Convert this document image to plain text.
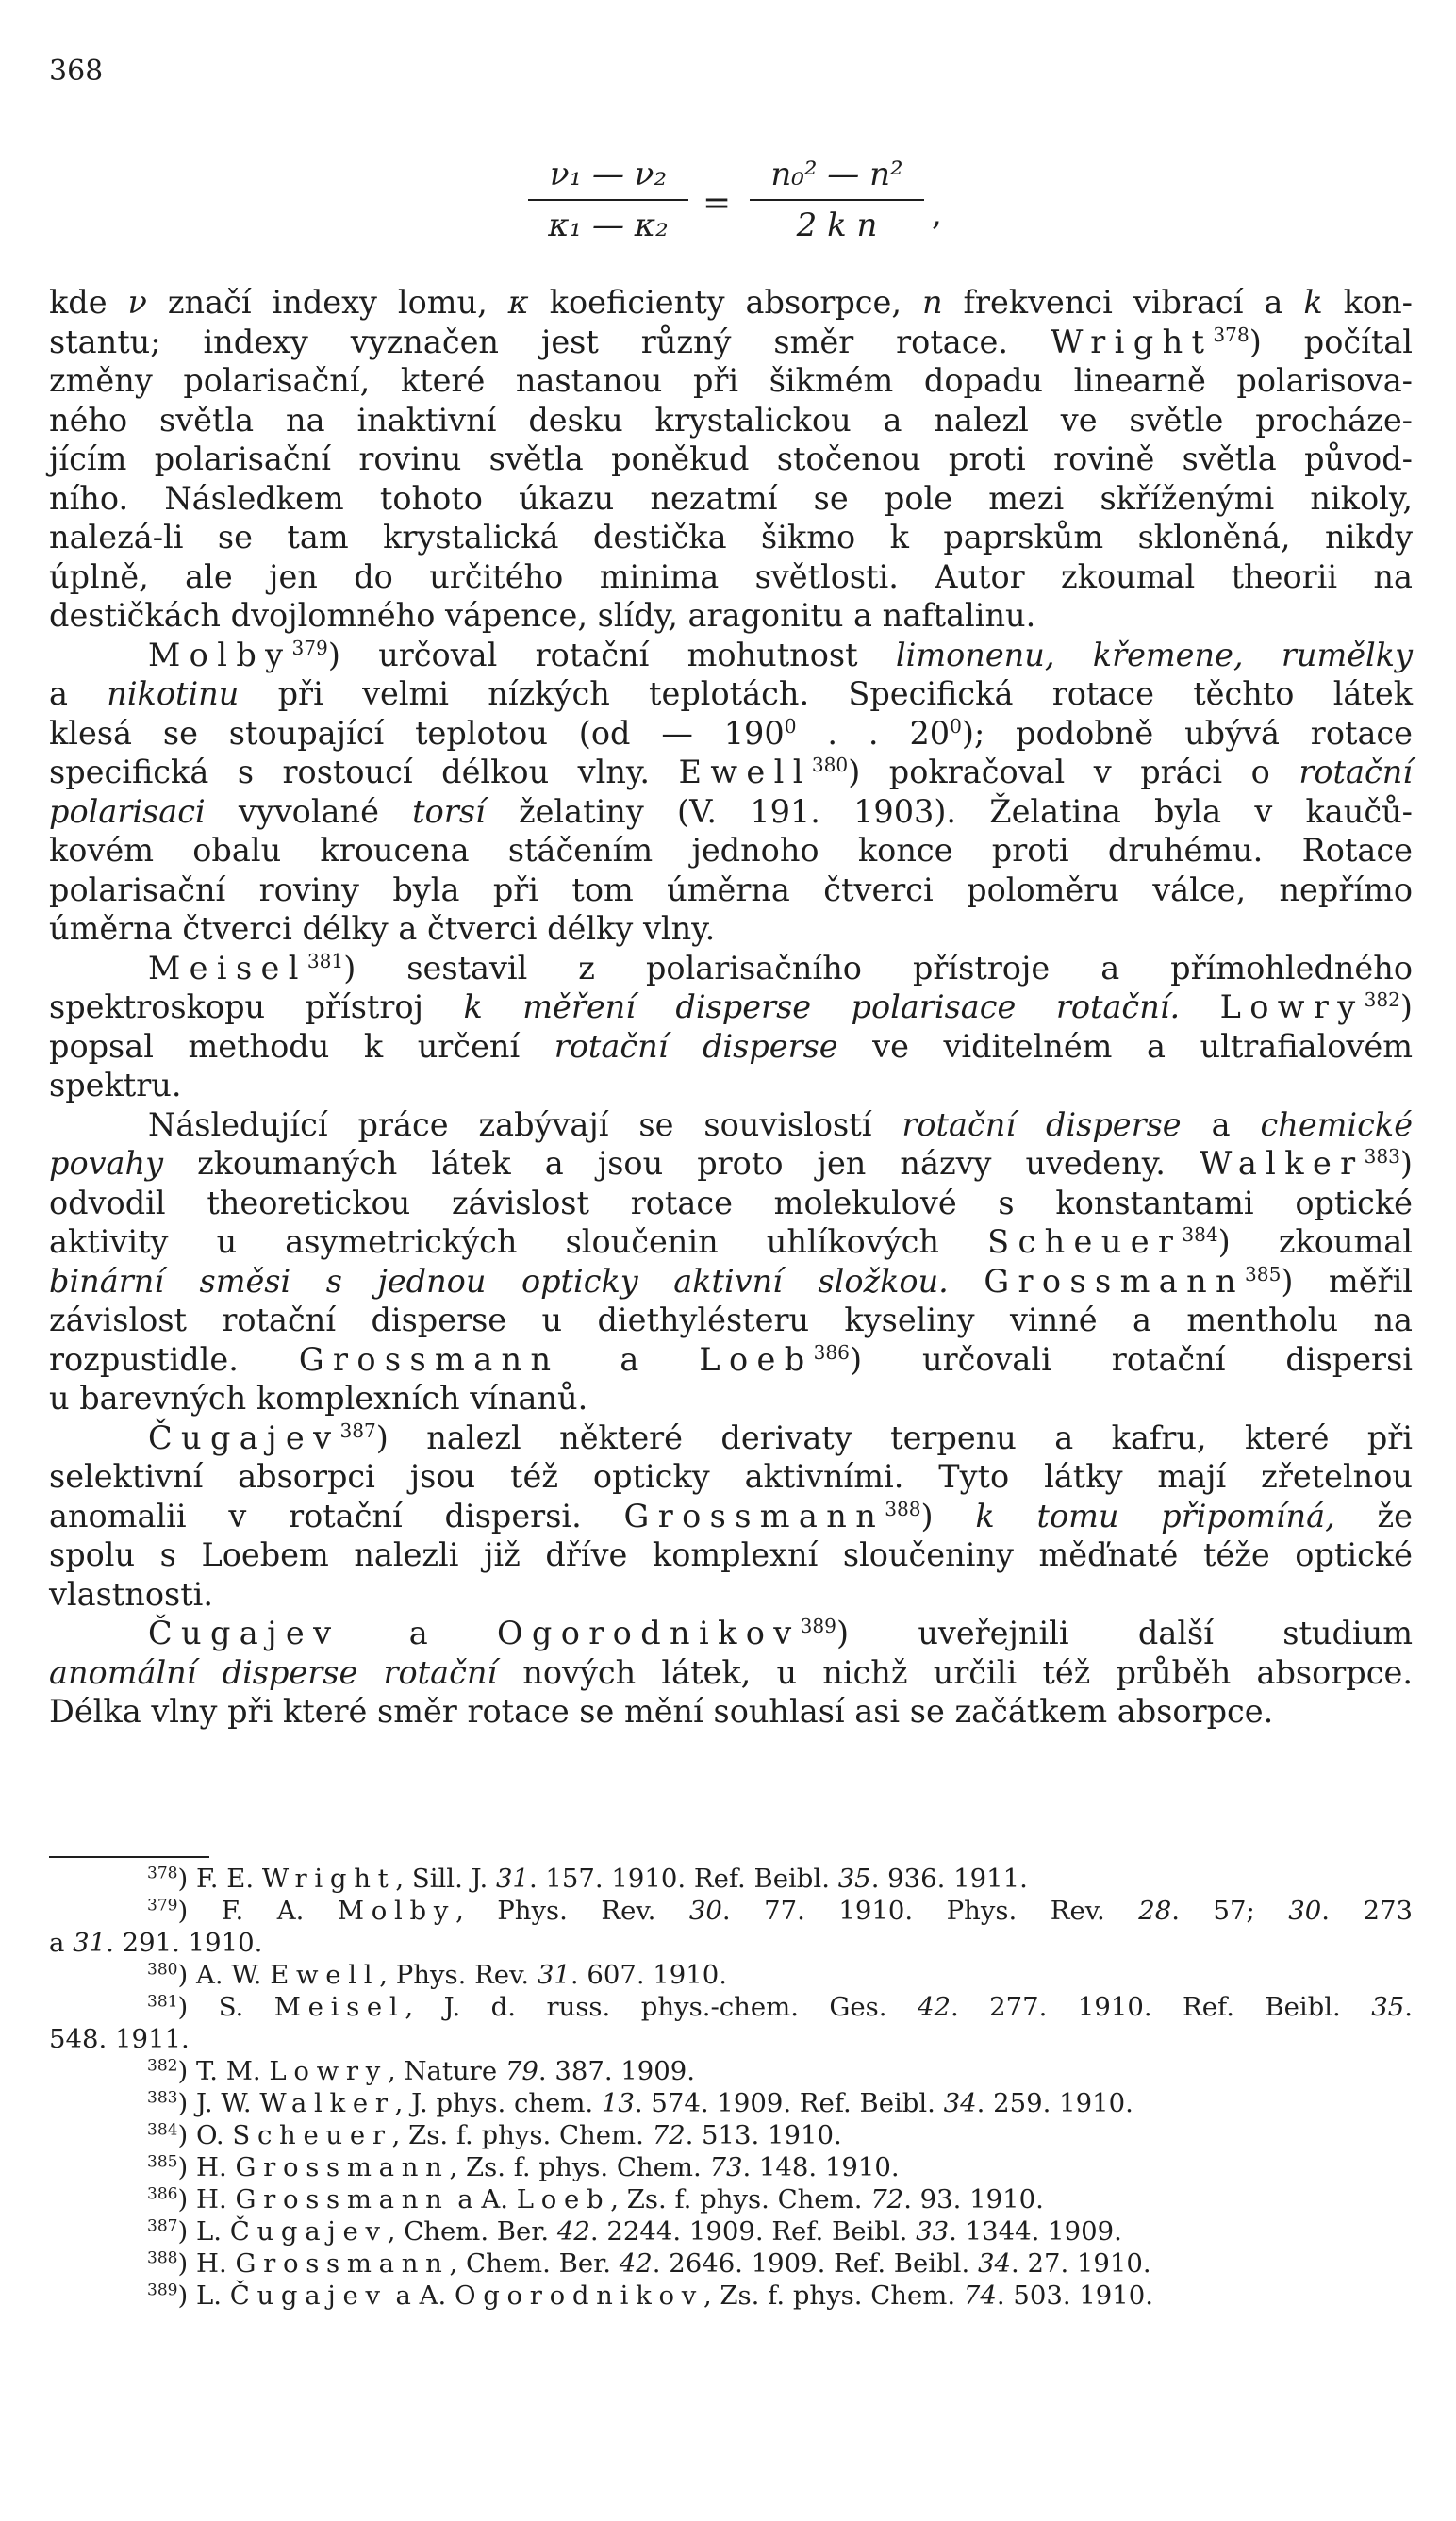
368
$\frac{\text{ν₁ — ν₂}}{\text{κ₁ — κ₂}} = \frac{\text{n₀² — n²}}{\text{2 k n}}$ ,
kde ν značí indexy lomu, κ koeficienty absorpce, n frekvenci vibrací a k kon-
stantu; indexy vyznačen jest různý směr rotace. Wright$^{378}$) počítal
změny polarisační, které nastanou při šikmém dopadu linearně polarisova-
ného světla na inaktivní desku krystalickou a nalezl ve světle procháze-
jícím polarisační rovinu světla poněkud stočenou proti rovině světla původ-
ního. Následkem tohoto úkazu nezatmí se pole mezi skříženými nikoly,
nalezá-li se tam krystalická destička šikmo k paprskům skloněná, nikdy
úplně, ale jen do určitého minima světlosti. Autor zkoumal theorii na
destičkách dvojlomného vápence, slídy, aragonitu a naftalinu.
Molby$^{379}$) určoval rotační mohutnost limonenu, křemene, rumělky
a nikotinu při velmi nízkých teplotách. Specifická rotace těchto látek
klesá se stoupající teplotou (od — $190^0$ . . $20^0$); podobně ubývá rotace
specifická s rostoucí délkou vlny. Ewell$^{380}$) pokračoval v práci o rotační
polarisaci vyvolané torsí želatiny (V. 191. 1903). Želatina byla v kaučů-
kovém obalu kroucena stáčením jednoho konce proti druhému. Rotace
polarisační roviny byla při tom úměrna čtverci poloměru válce, nepřímo
úměrna čtverci délky a čtverci délky vlny.
Meisel$^{381}$) sestavil z polarisačního přístroje a přímohledného
spektroskopu přístroj k měření disperse polarisace rotační. Lowry$^{382}$)
popsal methodu k určení rotační disperse ve viditelném a ultrafialovém
spektru.
Následující práce zabývají se souvislostí rotační disperse a chemické
povahy zkoumaných látek a jsou proto jen názvy uvedeny. Walker$^{383}$)
odvodil theoretickou závislost rotace molekulové s konstantami optické
aktivity u asymetrických sloučenin uhlíkových Scheuer$^{384}$) zkoumal
binární směsi s jednou opticky aktivní složkou. Grossmann$^{385}$) měřil
závislost rotační disperse u diethylésteru kyseliny vinné a mentholu na
rozpustidle. Grossmann a Loeb$^{386}$) určovali rotační dispersi
u barevných komplexních vínanů.
Čugajev$^{387}$) nalezl některé derivaty terpenu a kafru, které při
selektivní absorpci jsou též opticky aktivními. Tyto látky mají zřetelnou
anomalii v rotační dispersi. Grossmann$^{388}$) k tomu připomíná, že
spolu s Loebem nalezli již dříve komplexní sloučeniny měďnaté téže optické
vlastnosti.
Čugajev a Ogorodnikov$^{389}$) uveřejnili další studium
anomální disperse rotační nových látek, u nichž určili též průběh absorpce.
Délka vlny při které směr rotace se mění souhlasí asi se začátkem absorpce.
$^{378}$) F. E. Wright, Sill. J. 31. 157. 1910. Ref. Beibl. 35. 936. 1911.
$^{379}$) F. A. Molby, Phys. Rev. 30. 77. 1910. Phys. Rev. 28. 57; 30. 273
a 31. 291. 1910.
$^{380}$) A. W. Ewell, Phys. Rev. 31. 607. 1910.
$^{381}$) S. Meisel, J. d. russ. phys.-chem. Ges. 42. 277. 1910. Ref. Beibl. 35.
548. 1911.
$^{382}$) T. M. Lowry, Nature 79. 387. 1909.
$^{383}$) J. W. Walker, J. phys. chem. 13. 574. 1909. Ref. Beibl. 34. 259. 1910.
$^{384}$) O. Scheuer, Zs. f. phys. Chem. 72. 513. 1910.
$^{385}$) H. Grossmann, Zs. f. phys. Chem. 73. 148. 1910.
$^{386}$) H. Grossmann a A. Loeb, Zs. f. phys. Chem. 72. 93. 1910.
$^{387}$) L. Čugajev, Chem. Ber. 42. 2244. 1909. Ref. Beibl. 33. 1344. 1909.
$^{388}$) H. Grossmann, Chem. Ber. 42. 2646. 1909. Ref. Beibl. 34. 27. 1910.
$^{389}$) L. Čugajev a A. Ogorodnikov, Zs. f. phys. Chem. 74. 503. 1910.
